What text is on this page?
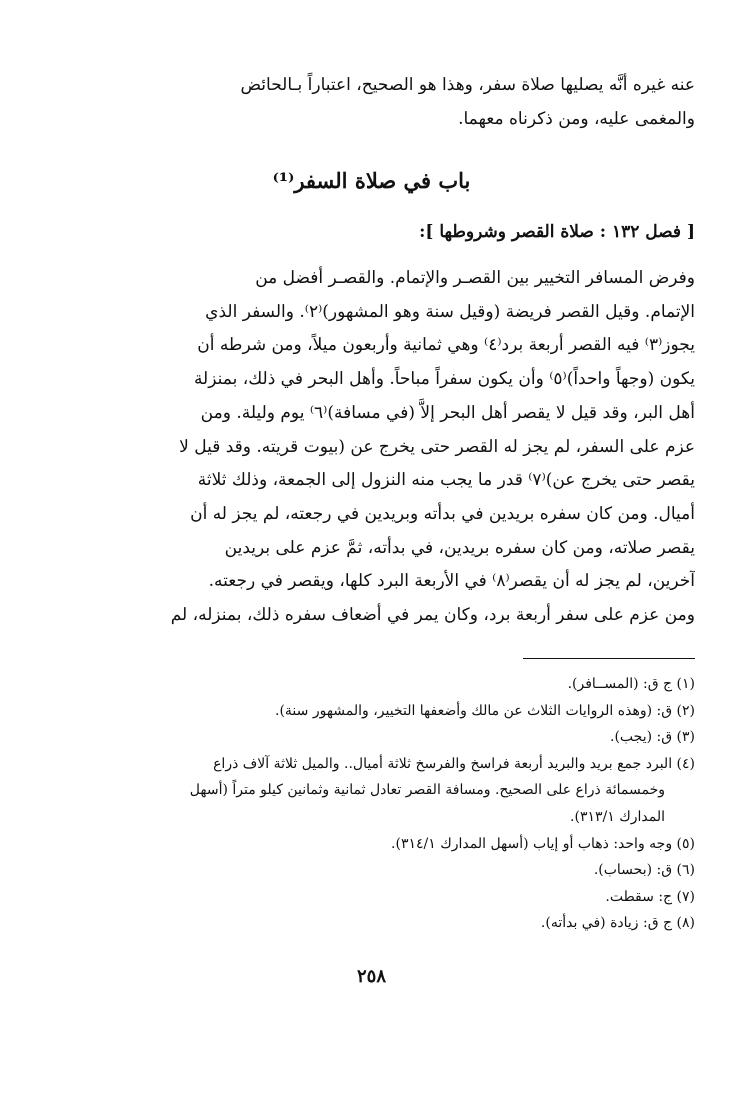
عنه غيره أنَّه يصليها صلاة سفر، وهذا هو الصحيح، اعتباراً بـالحائض
والمغمى عليه، ومن ذكرناه معهما.
باب في صلاة السفر⁽¹⁾
[ فصل ١٣٢ : صلاة القصر وشروطها ]:
وفرض المسافر التخيير بين القصـر والإتمام. والقصـر أفضل من
الإتمام. وقيل القصر فريضة (وقيل سنة وهو المشهور)⁽٢⁾. والسفر الذي
يجوز⁽٣⁾ فيه القصر أربعة برد⁽٤⁾ وهي ثمانية وأربعون ميلاً، ومن شرطه أن
يكون (وجهاً واحداً)⁽٥⁾ وأن يكون سفراً مباحاً. وأهل البحر في ذلك، بمنزلة
أهل البر، وقد قيل لا يقصر أهل البحر إلاَّ (في مسافة)⁽٦⁾ يوم وليلة. ومن
عزم على السفر، لم يجز له القصر حتى يخرج عن (بيوت قريته. وقد قيل لا
يقصر حتى يخرج عن)⁽٧⁾ قدر ما يجب منه النزول إلى الجمعة، وذلك ثلاثة
أميال. ومن كان سفره بريدين في بدأته وبريدين في رجعته، لم يجز له أن
يقصر صلاته، ومن كان سفره بريدين، في بدأته، ثمَّ عزم على بريدين
آخرين، لم يجز له أن يقصر⁽٨⁾ في الأربعة البرد كلها، ويقصر في رجعته.
ومن عزم على سفر أربعة برد، وكان يمر في أضعاف سفره ذلك، بمنزله، لم
(١) ج ق: (المســافر).
(٢) ق: (وهذه الروايات الثلاث عن مالك وأضعفها التخيير، والمشهور سنة).
(٣) ق: (يجب).
(٤) البرد جمع بريد والبريد أربعة فراسخ والفرسخ ثلاثة أميال.. والميل ثلاثة آلاف ذراع
وخمسمائة ذراع على الصحيح. ومسافة القصر تعادل ثمانية وثمانين كيلو متراً (أسهل
المدارك ٣١٣/١).
(٥) وجه واحد: ذهاب أو إياب (أسهل المدارك ٣١٤/١).
(٦) ق: (بحساب).
(٧) ج: سقطت.
(٨) ج ق: زيادة (في بدأته).
٢٥٨
